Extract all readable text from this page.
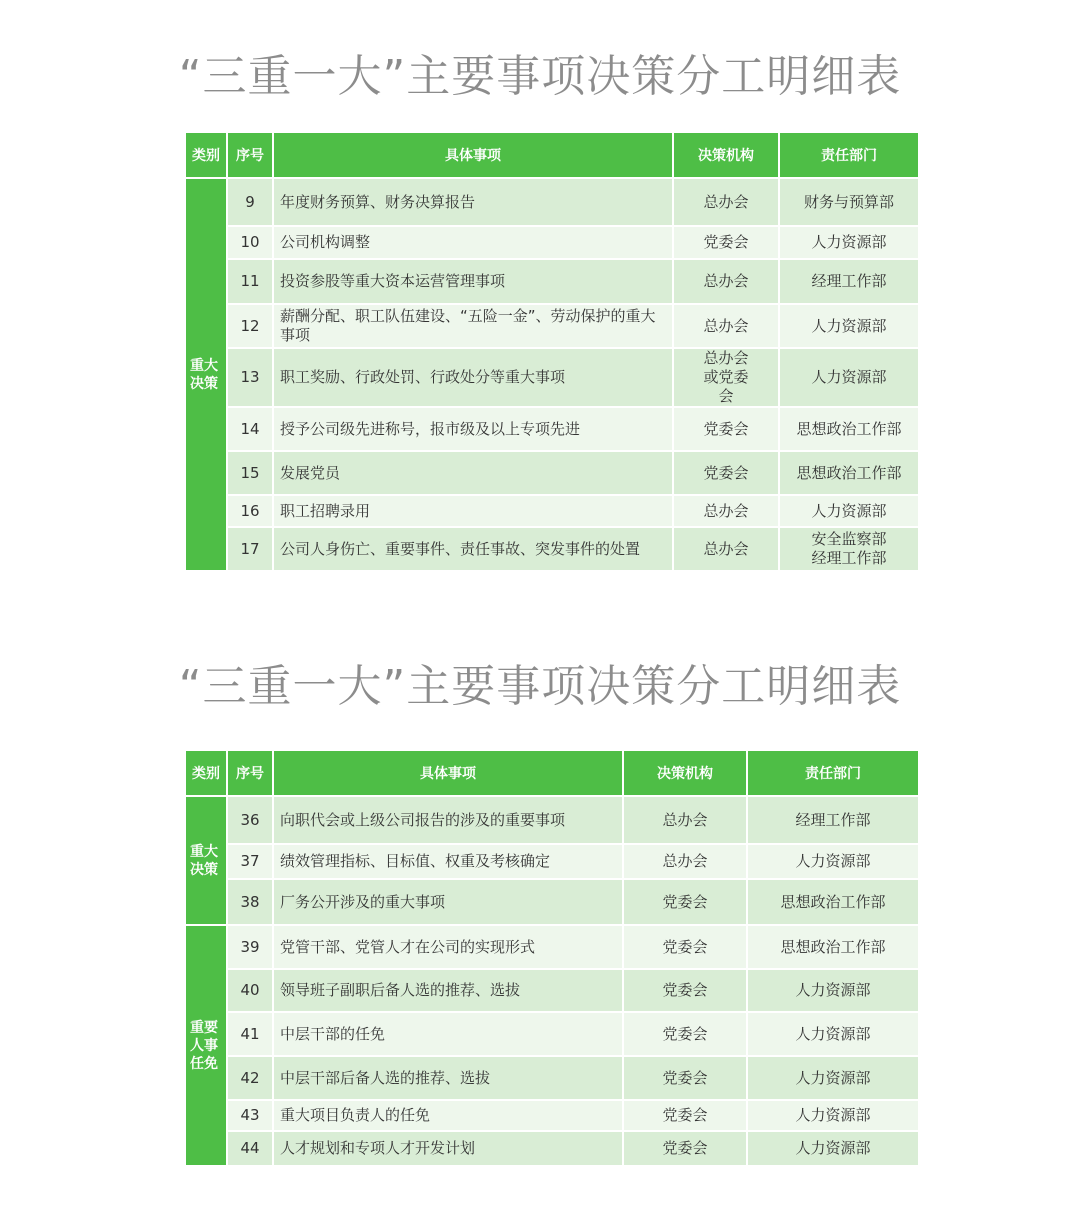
“三重一大”主要事项决策分工明细表
类别	序号	具体事项	决策机构	责任部门
重大决策	9	年度财务预算、财务决算报告	总办会	财务与预算部
	10	公司机构调整	党委会	人力资源部
	11	投资参股等重大资本运营管理事项	总办会	经理工作部
	12	薪酬分配、职工队伍建设、“五险一金”、劳动保护的重大事项	总办会	人力资源部
	13	职工奖励、行政处罚、行政处分等重大事项	总办会或党委会	人力资源部
	14	授予公司级先进称号，报市级及以上专项先进	党委会	思想政治工作部
	15	发展党员	党委会	思想政治工作部
	16	职工招聘录用	总办会	人力资源部
	17	公司人身伤亡、重要事件、责任事故、突发事件的处置	总办会	安全监察部经理工作部
“三重一大”主要事项决策分工明细表
类别	序号	具体事项	决策机构	责任部门
重大决策	36	向职代会或上级公司报告的涉及的重要事项	总办会	经理工作部
	37	绩效管理指标、目标值、权重及考核确定	总办会	人力资源部
	38	厂务公开涉及的重大事项	党委会	思想政治工作部
重要人事任免	39	党管干部、党管人才在公司的实现形式	党委会	思想政治工作部
	40	领导班子副职后备人选的推荐、选拔	党委会	人力资源部
	41	中层干部的任免	党委会	人力资源部
	42	中层干部后备人选的推荐、选拔	党委会	人力资源部
	43	重大项目负责人的任免	党委会	人力资源部
	44	人才规划和专项人才开发计划	党委会	人力资源部
